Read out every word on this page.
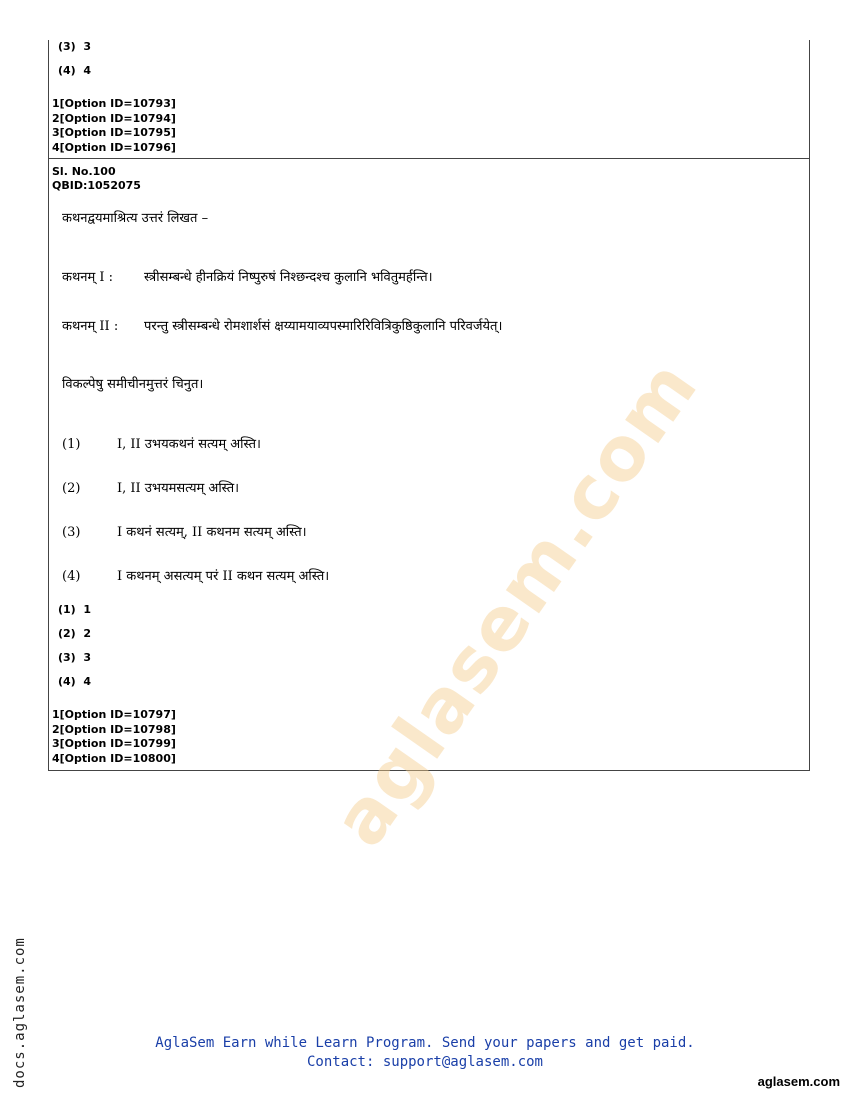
(3) 3
(4) 4
1[Option ID=10793]
2[Option ID=10794]
3[Option ID=10795]
4[Option ID=10796]
Sl. No.100
QBID:1052075
कथनद्वयमाश्रित्य उत्तरं लिखत –
कथनम् I : स्त्रीसम्बन्धे हीनक्रियं निष्पुरुषं निश्छन्दश्च कुलानि भवितुमर्हन्ति।
कथनम् II : परन्तु स्त्रीसम्बन्धे रोमशार्शसं क्षय्यामयाव्यपस्मारिरिवित्रिकुष्ठिकुलानि परिवर्जयेत्।
विकल्पेषु समीचीनमुत्तरं चिनुत।
(1)	I, II उभयकथनं सत्यम् अस्ति।
(2)	I, II उभयमसत्यम् अस्ति।
(3)	I कथनं सत्यम्, II कथनम सत्यम् अस्ति।
(4)	I कथनम् असत्यम् परं II कथन सत्यम् अस्ति।
(1) 1
(2) 2
(3) 3
(4) 4
1[Option ID=10797]
2[Option ID=10798]
3[Option ID=10799]
4[Option ID=10800] aglasem.com
docs.aglasem.com	AglaSem Earn while Learn Program. Send your papers and get paid.
Contact: support@aglasem.com
aglasem.com
